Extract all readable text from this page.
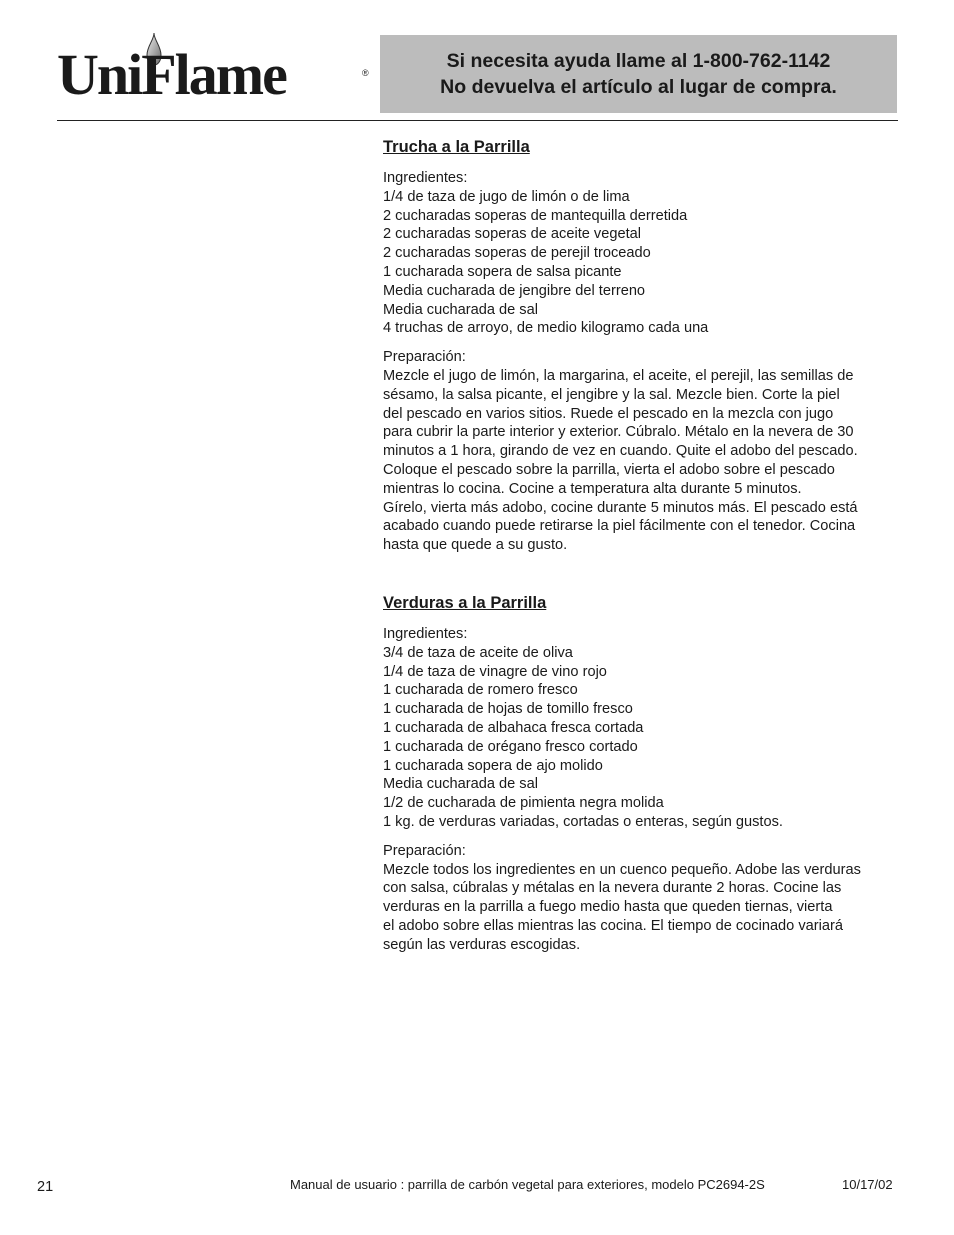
UniFlame	®
Si necesita ayuda llame al 1-800-762-1142
No devuelva el artículo al lugar de compra.
Trucha a la Parrilla

Ingredientes:

1/4 de taza de jugo de limón o de lima

2 cucharadas soperas de mantequilla derretida

2 cucharadas soperas de aceite vegetal

2 cucharadas soperas de perejil troceado

1 cucharada sopera de salsa picante

Media cucharada de jengibre del terreno

Media cucharada de sal

4 truchas de arroyo, de medio kilogramo cada una

Preparación:

Mezcle el jugo de limón, la margarina, el aceite, el perejil, las semillas de

sésamo, la salsa picante, el jengibre y la sal. Mezcle bien. Corte la piel

del pescado en varios sitios. Ruede el pescado en la mezcla con jugo

para cubrir la parte interior y exterior. Cúbralo. Métalo en la nevera de 30

minutos a 1 hora, girando de vez en cuando. Quite el adobo del pescado.

Coloque el pescado sobre la parrilla, vierta el adobo sobre el pescado

mientras lo cocina. Cocine a temperatura alta durante 5 minutos.

Gírelo, vierta más adobo, cocine durante 5 minutos más. El pescado está

acabado cuando puede retirarse la piel fácilmente con el tenedor. Cocina

hasta que quede a su gusto.

Verduras a la Parrilla

Ingredientes:

3/4 de taza de aceite de oliva

1/4 de taza de vinagre de vino rojo

1 cucharada de romero fresco

1 cucharada de hojas de tomillo fresco

1 cucharada de albahaca fresca cortada

1 cucharada de orégano fresco cortado

1 cucharada sopera de ajo molido

Media cucharada de sal

1/2 de cucharada de pimienta negra molida

1 kg. de verduras variadas, cortadas o enteras, según gustos.

Preparación:

Mezcle todos los ingredientes en un cuenco pequeño. Adobe las verduras

con salsa, cúbralas y métalas en la nevera durante 2 horas. Cocine las

verduras en la parrilla a fuego medio hasta que queden tiernas, vierta

el adobo sobre ellas mientras las cocina. El tiempo de cocinado variará

según las verduras escogidas.

21	Manual de usuario : parrilla de carbón vegetal para exteriores, modelo PC2694-2S	10/17/02
